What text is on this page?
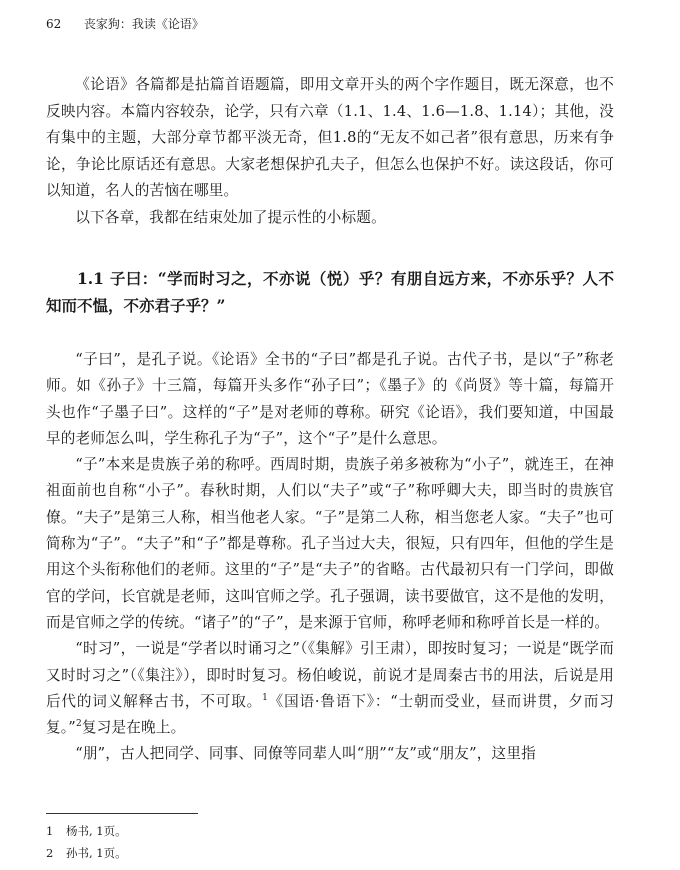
62 丧家狗：我读《论语》

《论语》各篇都是拈篇首语题篇，即用文章开头的两个字作题目，既无深意，也不反映内容。本篇内容较杂，论学，只有六章（1.1、1.4、1.6—1.8、1.14）；其他，没有集中的主题，大部分章节都平淡无奇，但1.8的“无友不如己者”很有意思，历来有争论，争论比原话还有意思。大家老想保护孔夫子，但怎么也保护不好。读这段话，你可以知道，名人的苦恼在哪里。

以下各章，我都在结束处加了提示性的小标题。

1.1 子曰：“学而时习之，不亦说（悦）乎？有朋自远方来，不亦乐乎？人不知而不愠，不亦君子乎？”

“子曰”，是孔子说。《论语》全书的“子曰”都是孔子说。古代子书，是以“子”称老师。如《孙子》十三篇，每篇开头多作“孙子曰”；《墨子》的《尚贤》等十篇，每篇开头也作“子墨子曰”。这样的“子”是对老师的尊称。研究《论语》，我们要知道，中国最早的老师怎么叫，学生称孔子为“子”，这个“子”是什么意思。

“子”本来是贵族子弟的称呼。西周时期，贵族子弟多被称为“小子”，就连王，在神祖面前也自称“小子”。春秋时期，人们以“夫子”或“子”称呼卿大夫，即当时的贵族官僚。“夫子”是第三人称，相当他老人家。“子”是第二人称，相当您老人家。“夫子”也可简称为“子”。“夫子”和“子”都是尊称。孔子当过大夫，很短，只有四年，但他的学生是用这个头衔称他们的老师。这里的“子”是“夫子”的省略。古代最初只有一门学问，即做官的学问，长官就是老师，这叫官师之学。孔子强调，读书要做官，这不是他的发明，而是官师之学的传统。“诸子”的“子”，是来源于官师，称呼老师和称呼首长是一样的。

“时习”，一说是“学者以时诵习之”（《集解》引王肃），即按时复习；一说是“既学而又时时习之”（《集注》），即时时复习。杨伯峻说，前说才是周秦古书的用法，后说是用后代的词义解释古书，不可取。$^1$《国语·鲁语下》：“士朝而受业，昼而讲贯，夕而习复。”$^2$复习是在晚上。

“朋”，古人把同学、同事、同僚等同辈人叫“朋”“友”或“朋友”，这里指

1 杨书, 1页。
2 孙书, 1页。
